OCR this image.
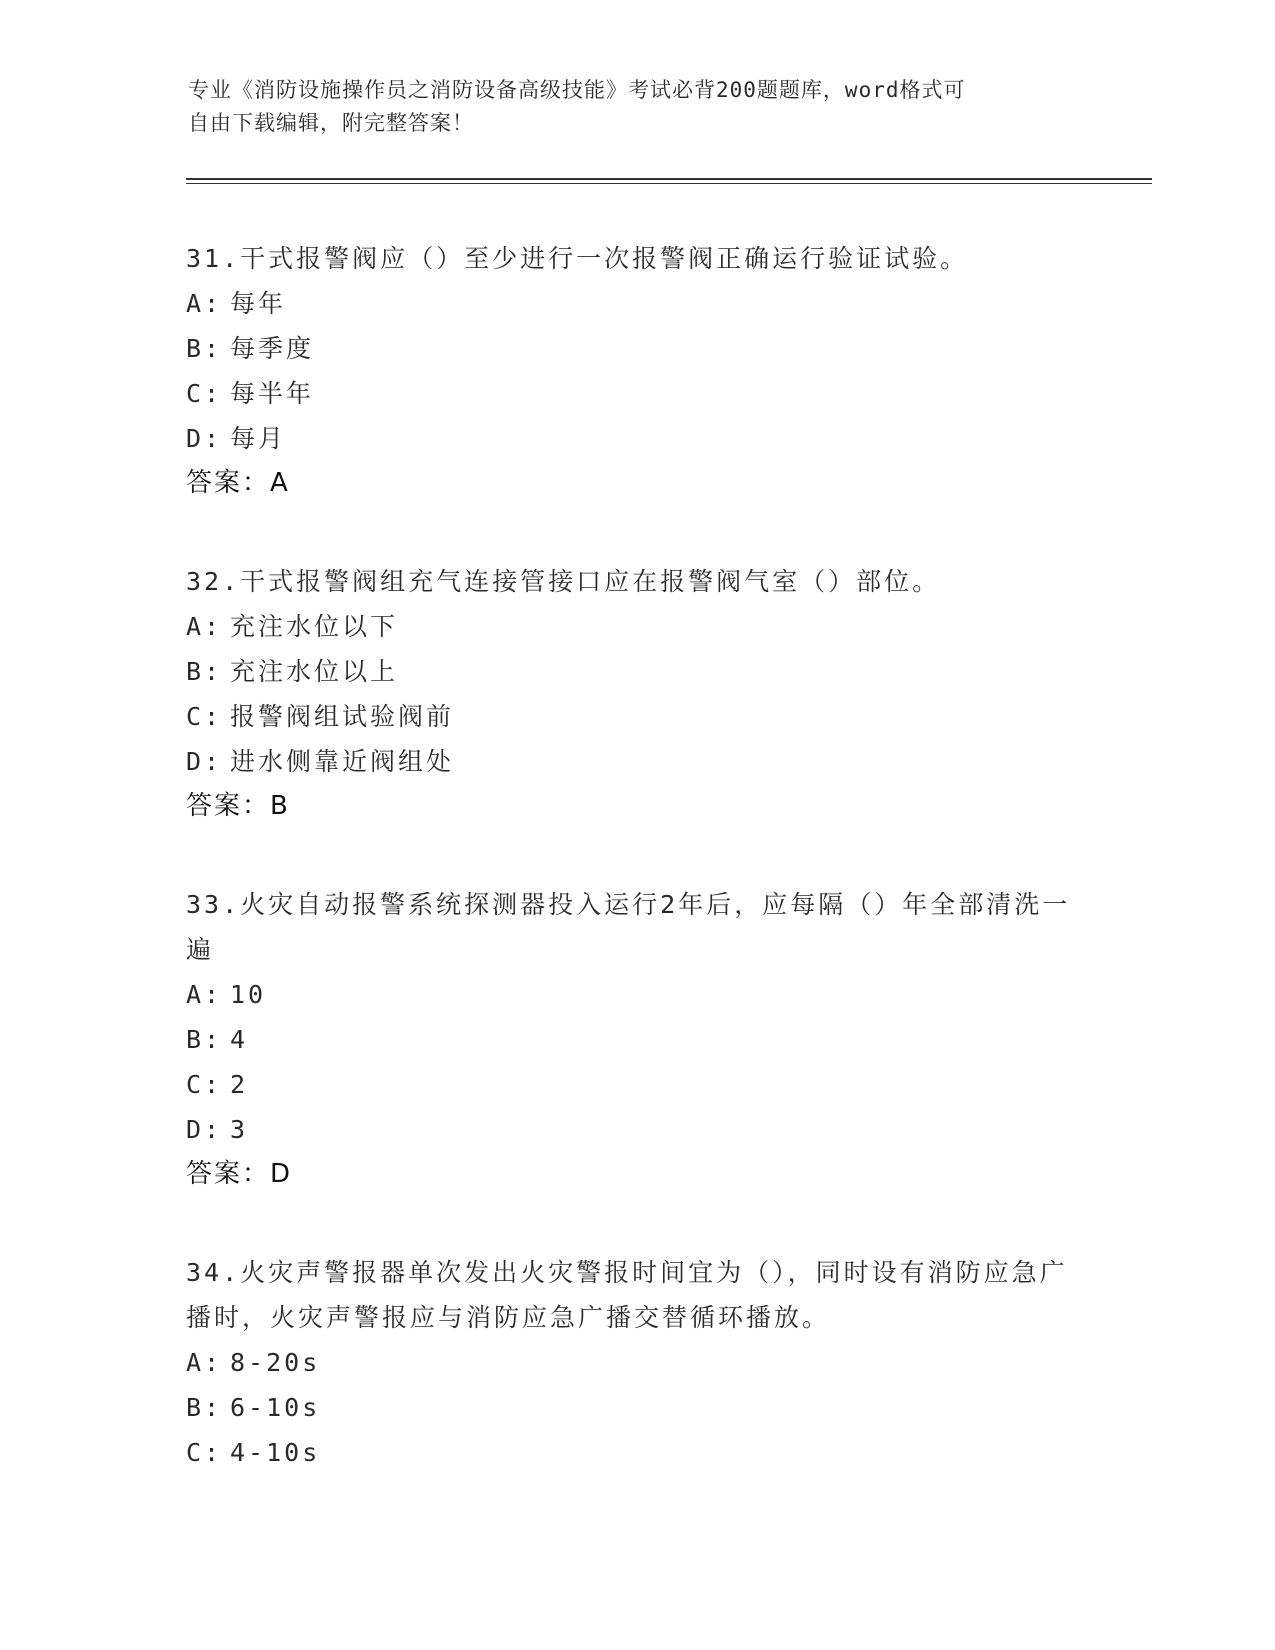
专业《消防设施操作员之消防设备高级技能》考试必背200题题库，word格式可
自由下载编辑，附完整答案！

31.干式报警阀应（）至少进行一次报警阀正确运行验证试验。

A: 每年

B: 每季度

C: 每半年

D: 每月

答案：A

32.干式报警阀组充气连接管接口应在报警阀气室（）部位。

A: 充注水位以下

B: 充注水位以上

C: 报警阀组试验阀前

D: 进水侧靠近阀组处

答案：B

33.火灾自动报警系统探测器投入运行2年后，应每隔（）年全部清洗一遍

A: 10

B: 4

C: 2

D: 3

答案：D

34.火灾声警报器单次发出火灾警报时间宜为（），同时设有消防应急广播时，火灾声警报应与消防应急广播交替循环播放。

A: 8-20s

B: 6-10s

C: 4-10s
